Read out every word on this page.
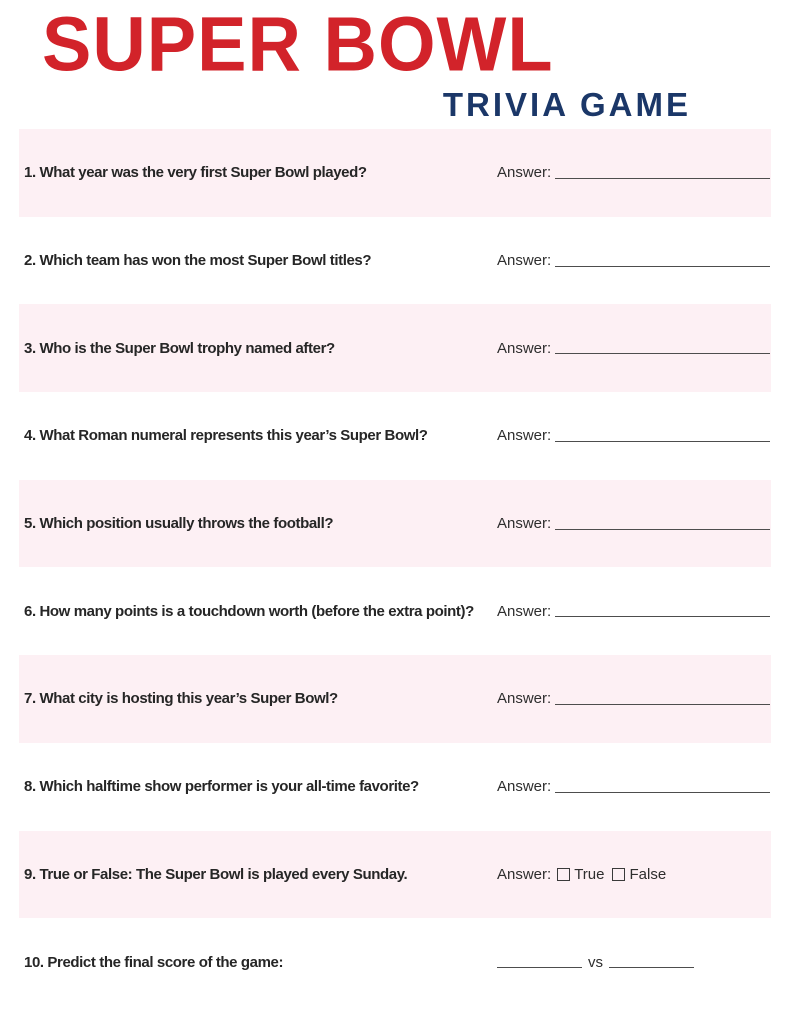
SUPER BOWL
TRIVIA GAME
1. What year was the very first Super Bowl played?	Answer:
2. Which team has won the most Super Bowl titles?	Answer:
3. Who is the Super Bowl trophy named after?	Answer:
4. What Roman numeral represents this year’s Super Bowl?	Answer:
5. Which position usually throws the football?	Answer:
6. How many points is a touchdown worth (before the extra point)?	Answer:
7. What city is hosting this year’s Super Bowl?	Answer:
8. Which halftime show performer is your all-time favorite?	Answer:
9. True or False: The Super Bowl is played every Sunday.	Answer: True False
10. Predict the final score of the game:	vs
